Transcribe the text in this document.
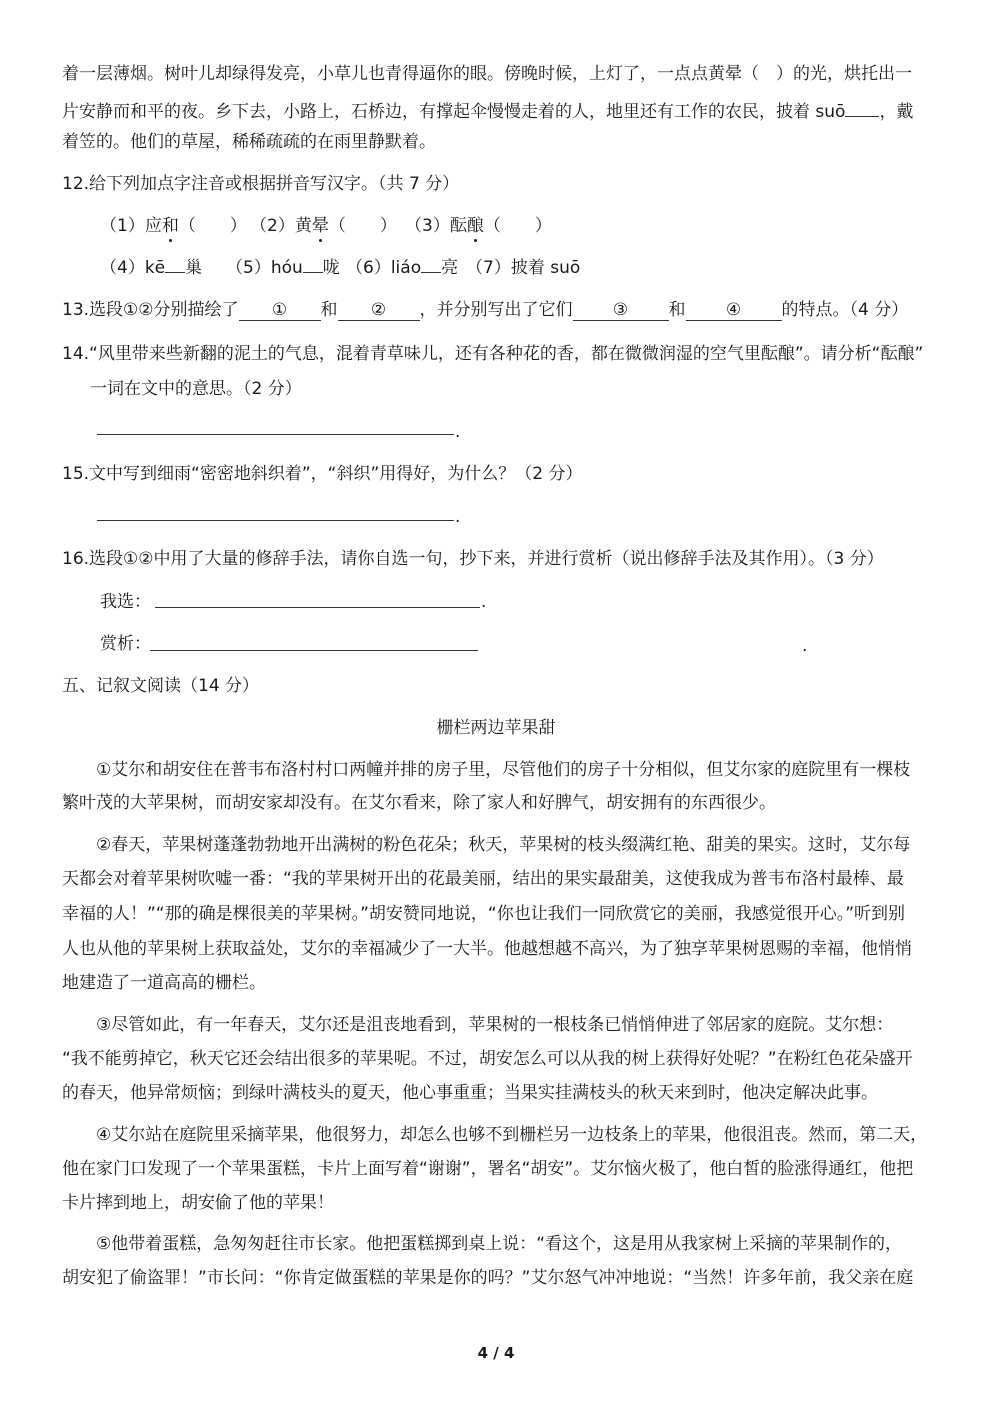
着一层薄烟。树叶儿却绿得发亮，小草儿也青得逼你的眼。傍晚时候，上灯了，一点点黄晕（　）的光，烘托出一
片安静而和平的夜。乡下去，小路上，石桥边，有撑起伞慢慢走着的人，地里还有工作的农民，披着 suō ，戴
着笠的。他们的草屋，稀稀疏疏的在雨里静默着。
12.给下列加点字注音或根据拼音写汉字。（共 7 分）
（1）应和（　　） （2）黄晕（　　） （3）酝酿（　　）
（4）kē 巢 （5）hóu 咙 （6）liáo 亮 （7）披着 suō
13.选段①②分别描绘了 ① 和 ② ，并分别写出了它们 ③ 和 ④ 的特点。（4 分）
14.“风里带来些新翻的泥土的气息，混着青草味儿，还有各种花的香，都在微微润湿的空气里酝酿”。请分析“酝酿”
一词在文中的意思。（2 分）
.
15.文中写到细雨“密密地斜织着”，“斜织”用得好，为什么？（2 分）
.
16.选段①②中用了大量的修辞手法，请你自选一句，抄下来，并进行赏析（说出修辞手法及其作用）。（3 分）
我选：	.
赏析：	.
五、记叙文阅读（14 分）
栅栏两边苹果甜
①艾尔和胡安住在普韦布洛村村口两幢并排的房子里，尽管他们的房子十分相似，但艾尔家的庭院里有一棵枝
繁叶茂的大苹果树，而胡安家却没有。在艾尔看来，除了家人和好脾气，胡安拥有的东西很少。
②春天，苹果树蓬蓬勃勃地开出满树的粉色花朵；秋天，苹果树的枝头缀满红艳、甜美的果实。这时，艾尔每
天都会对着苹果树吹嘘一番：“我的苹果树开出的花最美丽，结出的果实最甜美，这使我成为普韦布洛村最棒、最
幸福的人！”“那的确是棵很美的苹果树。”胡安赞同地说，“你也让我们一同欣赏它的美丽，我感觉很开心。”听到别
人也从他的苹果树上获取益处，艾尔的幸福减少了一大半。他越想越不高兴，为了独享苹果树恩赐的幸福，他悄悄
地建造了一道高高的栅栏。
③尽管如此，有一年春天，艾尔还是沮丧地看到，苹果树的一根枝条已悄悄伸进了邻居家的庭院。艾尔想：
“我不能剪掉它，秋天它还会结出很多的苹果呢。不过，胡安怎么可以从我的树上获得好处呢？”在粉红色花朵盛开
的春天，他异常烦恼；到绿叶满枝头的夏天，他心事重重；当果实挂满枝头的秋天来到时，他决定解决此事。
④艾尔站在庭院里采摘苹果，他很努力，却怎么也够不到栅栏另一边枝条上的苹果，他很沮丧。然而，第二天，
他在家门口发现了一个苹果蛋糕，卡片上面写着“谢谢”，署名“胡安”。艾尔恼火极了，他白皙的脸涨得通红，他把
卡片摔到地上，胡安偷了他的苹果！
⑤他带着蛋糕，急匆匆赶往市长家。他把蛋糕掷到桌上说：“看这个，这是用从我家树上采摘的苹果制作的，
胡安犯了偷盗罪！”市长问：“你肯定做蛋糕的苹果是你的吗？”艾尔怒气冲冲地说：“当然！许多年前，我父亲在庭
4 / 4
